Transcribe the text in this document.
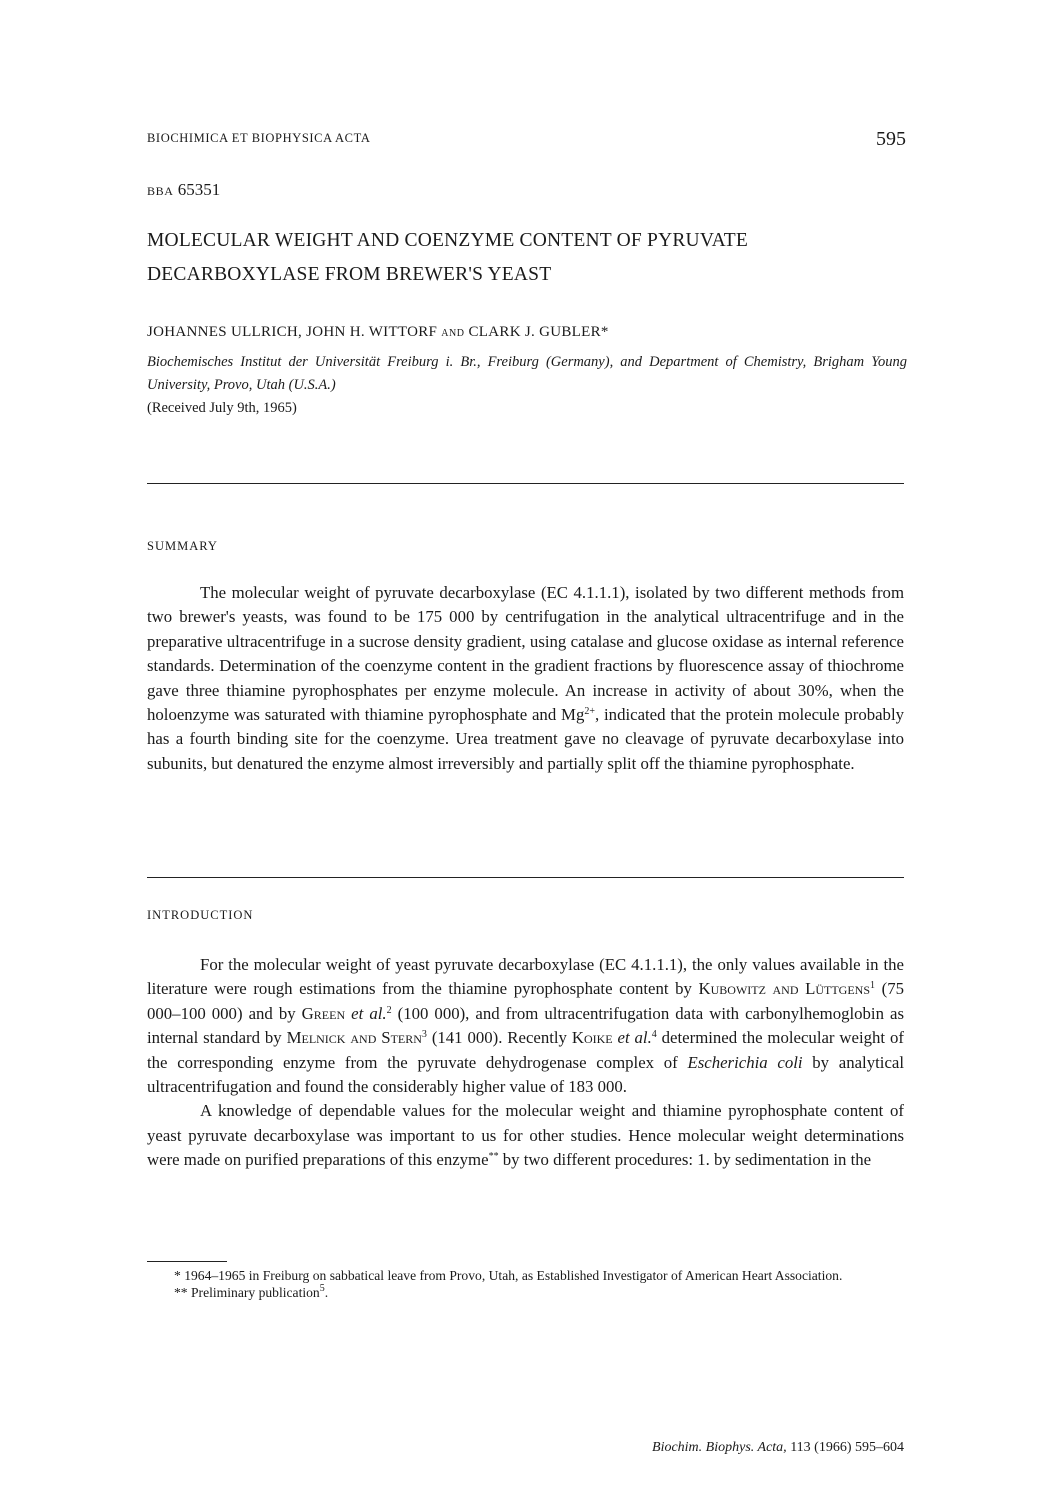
BIOCHIMICA ET BIOPHYSICA ACTA	595
BBA 65351
MOLECULAR WEIGHT AND COENZYME CONTENT OF PYRUVATE DECARBOXYLASE FROM BREWER'S YEAST
JOHANNES ULLRICH, JOHN H. WITTORF AND CLARK J. GUBLER*
Biochemisches Institut der Universität Freiburg i. Br., Freiburg (Germany), and Department of Chemistry, Brigham Young University, Provo, Utah (U.S.A.)
(Received July 9th, 1965)
SUMMARY

The molecular weight of pyruvate decarboxylase (EC 4.1.1.1), isolated by two different methods from two brewer's yeasts, was found to be 175 000 by centrifugation in the analytical ultracentrifuge and in the preparative ultracentrifuge in a sucrose density gradient, using catalase and glucose oxidase as internal reference standards. Determination of the coenzyme content in the gradient fractions by fluorescence assay of thiochrome gave three thiamine pyrophosphates per enzyme molecule. An increase in activity of about 30%, when the holoenzyme was saturated with thiamine pyrophosphate and $Mg^{2+}$, indicated that the protein molecule probably has a fourth binding site for the coenzyme. Urea treatment gave no cleavage of pyruvate decarboxylase into subunits, but denatured the enzyme almost irreversibly and partially split off the thiamine pyrophosphate.

INTRODUCTION

For the molecular weight of yeast pyruvate decarboxylase (EC 4.1.1.1), the only values available in the literature were rough estimations from the thiamine pyrophosphate content by Kubowitz and Lüttgens$^1$ (75 000–100 000) and by Green et al.$^2$ (100 000), and from ultracentrifugation data with carbonylhemoglobin as internal standard by Melnick and Stern$^3$ (141 000). Recently Koike et al.$^4$ determined the molecular weight of the corresponding enzyme from the pyruvate dehydrogenase complex of Escherichia coli by analytical ultracentrifugation and found the considerably higher value of 183 000.

A knowledge of dependable values for the molecular weight and thiamine pyrophosphate content of yeast pyruvate decarboxylase was important to us for other studies. Hence molecular weight determinations were made on purified preparations of this enzyme** by two different procedures: 1. by sedimentation in the

* 1964–1965 in Freiburg on sabbatical leave from Provo, Utah, as Established Investigator of American Heart Association.
** Preliminary publication$^5$.
Biochim. Biophys. Acta, 113 (1966) 595–604
